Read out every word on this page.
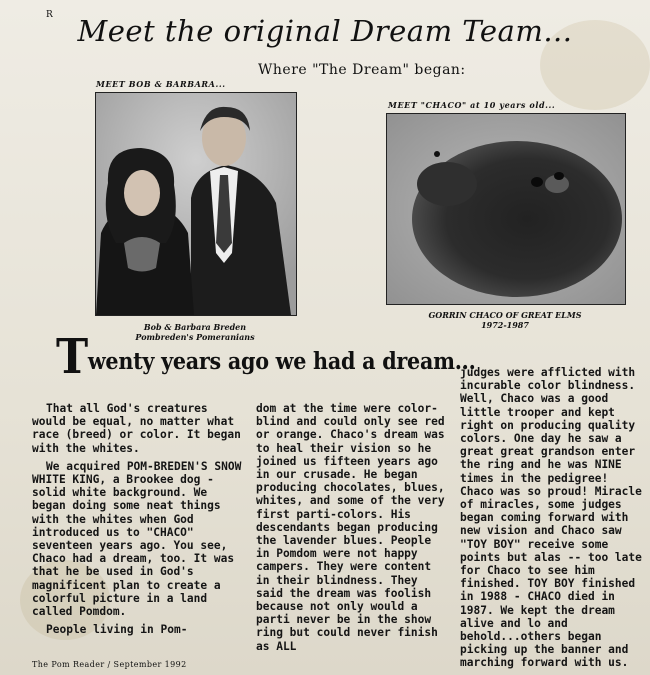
R Meet the original Dream Team...
Where "The Dream" began:
MEET BOB & BARBARA...
Bob & Barbara Breden
Pombreden's Pomeranians
MEET "CHACO" at 10 years old...
GORRIN CHACO OF GREAT ELMS
1972-1987
Twenty years ago we had a dream...

That all God's creatures would be equal, no matter what race (breed) or color. It began with the whites.

We acquired POM-BREDEN'S SNOW WHITE KING, a Brookee dog - solid white background. We began doing some neat things with the whites when God introduced us to "CHACO" seventeen years ago. You see, Chaco had a dream, too. It was that he be used in God's magnificent plan to create a colorful picture in a land called Pomdom.

People living in Pom-

dom at the time were color-blind and could only see red or orange. Chaco's dream was to heal their vision so he joined us fifteen years ago in our crusade. He began producing chocolates, blues, whites, and some of the very first parti-colors. His descendants began producing the lavender blues. People in Pomdom were not happy campers. They were content in their blindness. They said the dream was foolish because not only would a parti never be in the show ring but could never finish as ALL

judges were afflicted with incurable color blindness. Well, Chaco was a good little trooper and kept right on producing quality colors. One day he saw a great great grandson enter the ring and he was NINE times in the pedigree! Chaco was so proud! Miracle of miracles, some judges began coming forward with new vision and Chaco saw "TOY BOY" receive some points but alas -- too late for Chaco to see him finished. TOY BOY finished in 1988 - CHACO died in 1987. We kept the dream alive and lo and behold...others began picking up the banner and marching forward with us.

The Pom Reader / September 1992
